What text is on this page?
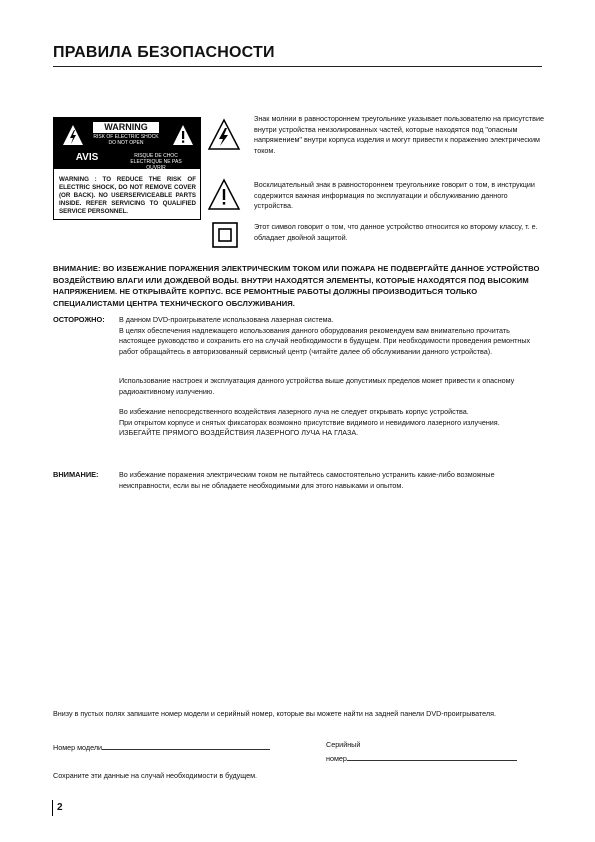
ПРАВИЛА БЕЗОПАСНОСТИ
WARNING
RISK OF ELECTRIC SHOCK DO NOT OPEN
AVIS	RISQUE DE CHOC ELECTRIQUE NE PAS OUVRIR
WARNING : TO REDUCE THE RISK OF ELECTRIC SHOCK, DO NOT REMOVE COVER (OR BACK). NO USERSERVICEABLE PARTS INSIDE. REFER SERVICING TO QUALIFIED SERVICE PERSONNEL.
Знак молнии в равностороннем треугольнике указывает пользователю на присутствие внутри устройства неизолированных частей, которые находятся под "опасным напряжением" внутри корпуса изделия и могут привести к поражению электрическим током.
Восклицательный знак в равностороннем треугольнике говорит о том, в инструкции содержится важная информация по эксплуатации и обслуживанию данного устройства.
Этот символ говорит о том, что данное устройство относится ко второму классу, т. е. обладает двойной защитой.
ВНИМАНИЕ: ВО ИЗБЕЖАНИЕ ПОРАЖЕНИЯ ЭЛЕКТРИЧЕСКИМ ТОКОМ ИЛИ ПОЖАРА НЕ ПОДВЕРГАЙТЕ ДАННОЕ УСТРОЙСТВО ВОЗДЕЙСТВИЮ ВЛАГИ ИЛИ ДОЖДЕВОЙ ВОДЫ. ВНУТРИ НАХОДЯТСЯ ЭЛЕМЕНТЫ, КОТОРЫЕ НАХОДЯТСЯ ПОД ВЫСОКИМ НАПРЯЖЕНИЕМ. НЕ ОТКРЫВАЙТЕ КОРПУС. ВСЕ РЕМОНТНЫЕ РАБОТЫ ДОЛЖНЫ ПРОИЗВОДИТЬСЯ ТОЛЬКО СПЕЦИАЛИСТАМИ ЦЕНТРА ТЕХНИЧЕСКОГО ОБСЛУЖИВАНИЯ.
ОСТОРОЖНО: В данном DVD-проигрывателе использована лазерная система.
В целях обеспечения надлежащего использования данного оборудования рекомендуем вам внимательно прочитать настоящее руководство и сохранить его на случай необходимости в будущем. При необходимости проведения ремонтных работ обращайтесь в авторизованный сервисный центр (читайте далее об обслуживании данного устройства).
Использование настроек и эксплуатация данного устройства выше допустимых пределов может привести к опасному радиоактивному излучению.
Во избежание непосредственного воздействия лазерного луча не следует открывать корпус устройства.
При открытом корпусе и снятых фиксаторах возможно присутствие видимого и невидимого лазерного излучения.
ИЗБЕГАЙТЕ ПРЯМОГО ВОЗДЕЙСТВИЯ ЛАЗЕРНОГО ЛУЧА НА ГЛАЗА.
ВНИМАНИЕ:	Во избежание поражения электрическим током не пытайтесь самостоятельно устранить какие-либо возможные неисправности, если вы не обладаете необходимыми для этого навыками и опытом.
Внизу в пустых полях запишите номер модели и серийный номер, которые вы можете найти на задней панели DVD-проигрывателя.
Номер модели	Серийный
номер
Сохраните эти данные на случай необходимости в будущем.
2
